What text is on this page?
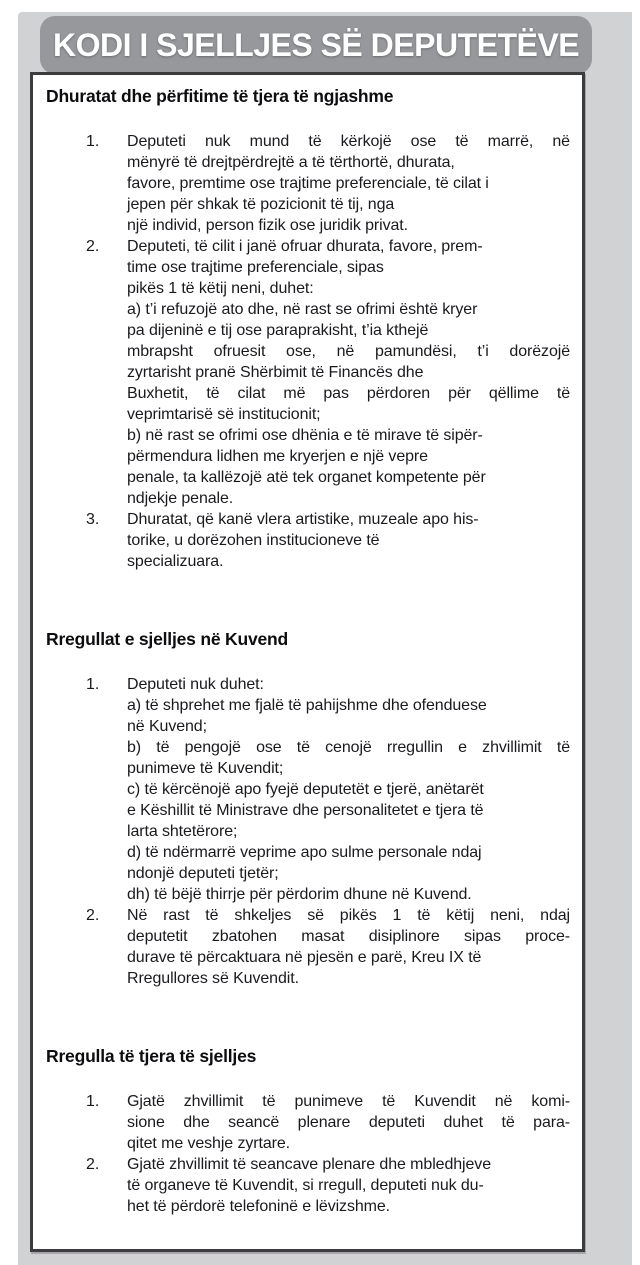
KODI I SJELLJES SË DEPUTETËVE
Dhuratat dhe përfitime të tjera të ngjashme
1.	Deputeti nuk mund të kërkojë ose të marrë, në
mënyrë të drejtpërdrejtë a të tërthortë, dhurata,
favore, premtime ose trajtime preferenciale, të cilat i
jepen për shkak të pozicionit të tij, nga
një individ, person fizik ose juridik privat.
2.	Deputeti, të cilit i janë ofruar dhurata, favore, prem-
time ose trajtime preferenciale, sipas
pikës 1 të këtij neni, duhet:
a) t’i refuzojë ato dhe, në rast se ofrimi është kryer
pa dijeninë e tij ose paraprakisht, t’ia kthejë
mbrapsht ofruesit ose, në pamundësi, t’i dorëzojë
zyrtarisht pranë Shërbimit të Financës dhe
Buxhetit, të cilat më pas përdoren për qëllime të
veprimtarisë së institucionit;
b) në rast se ofrimi ose dhënia e të mirave të sipër-
përmendura lidhen me kryerjen e një vepre
penale, ta kallëzojë atë tek organet kompetente për
ndjekje penale.
3.	Dhuratat, që kanë vlera artistike, muzeale apo his-
torike, u dorëzohen institucioneve të
specializuara.
Rregullat e sjelljes në Kuvend
1.	Deputeti nuk duhet:
a) të shprehet me fjalë të pahijshme dhe ofenduese
në Kuvend;
b) të pengojë ose të cenojë rregullin e zhvillimit të
punimeve të Kuvendit;
c) të kërcënojë apo fyejë deputetët e tjerë, anëtarët
e Këshillit të Ministrave dhe personalitetet e tjera të
larta shtetërore;
d) të ndërmarrë veprime apo sulme personale ndaj
ndonjë deputeti tjetër;
dh) të bëjë thirrje për përdorim dhune në Kuvend.
2.	Në rast të shkeljes së pikës 1 të këtij neni, ndaj
deputetit zbatohen masat disiplinore sipas proce-
durave të përcaktuara në pjesën e parë, Kreu IX të
Rregullores së Kuvendit.
Rregulla të tjera të sjelljes
1.	Gjatë zhvillimit të punimeve të Kuvendit në komi-
sione dhe seancë plenare deputeti duhet të para-
qitet me veshje zyrtare.
2.	Gjatë zhvillimit të seancave plenare dhe mbledhjeve
të organeve të Kuvendit, si rregull, deputeti nuk du-
het të përdorë telefoninë e lëvizshme.
